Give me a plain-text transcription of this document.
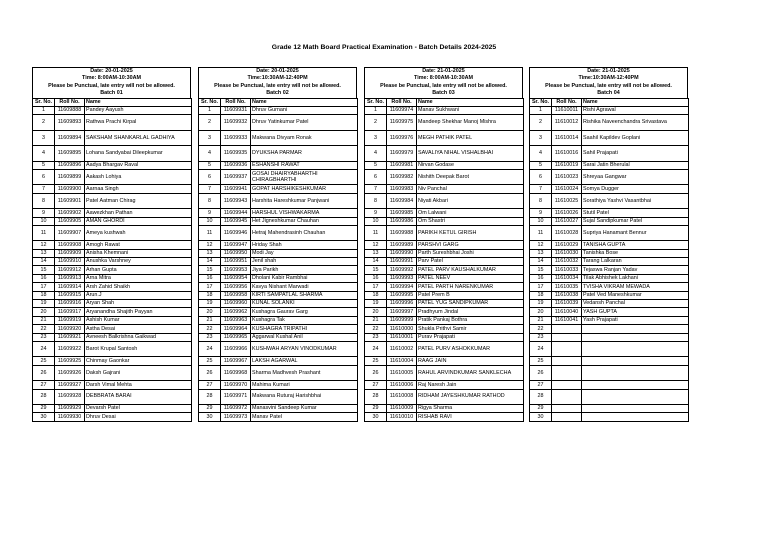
Grade 12 Math Board Practical Examination - Batch Details 2024-2025
Date: 20-01-2025
Time: 8:00AM-10:30AM
Please be Punctual, late entry will not be allowed.
Batch 01
Sr. No.	Roll No.	Name
1	11609888	Pandey Aayush
2	11609893	Rathwa Prachi Kirpal
3	11609894	SAKSHAM SHANKARLAL GADHIYA
4	11609895	Lohana Sandyabai Dileepkumar
5	11609896	Aadya Bhargav Raval
6	11609899	Aakash Lohiya
7	11609900	Aarnaa Singh
8	11609901	Patel Aatman Chirag
9	11609902	Aawezkhan Pathan
10	11609905	AMAN GHORDI
11	11609907	Ameya kushwah
12	11609908	Amogh Rawat
13	11609909	Anisha Khemnani
14	11609910	Anushka Varshney
15	11609912	Arhan Gupta
16	11609913	Arna Mitra
17	11609914	Arsh Zahid Shaikh
18	11609915	Arun.J
19	11609916	Aryan Shah
20	11609917	Aryanandha Shajith Payyan
21	11609919	Ashish Kumar
22	11609920	Astha Desai
23	11609921	Avneesh Balkrishna Gaikwad
24	11609922	Barot Krupal Santosh
25	11609925	Chinmay Gaonkar
26	11609926	Daksh Gajrani
27	11609927	Darsh Vimal Mehta
28	11609928	DEBBRATA BARAI
29	11609929	Devarsh Patel
30	11609930	Dhruv Desai
Date: 20-01-2025
Time:10:30AM-12:40PM
Please be Punctual, late entry will not be allowed.
Batch 02
Sr. No.	Roll No.	Name
1	11609931	Dhruv Gurnani
2	11609932	Dhruv Yatinkumar Patel
3	11609933	Makwana Divyam Ronak
4	11609935	DYUKSHA PARMAR
5	11609936	ESHANSHI RAWAT
6	11609937	GOSAI DHAIRYABHARTHI CHIRAGBHARTHI
7	11609941	GOPAT HARSHIKESHKUMAR
8	11609943	Harshita Hareshkumar Panjwani
9	11609944	HARSHUL VISHWAKARMA
10	11609945	Het Jigneshkumar Chauhan
11	11609946	Hetraj Mahendrasinh Chauhan
12	11609947	Hriday Shah
13	11609950	Modi Jay
14	11609951	Jenil shah
15	11609953	Jiya Parikh
16	11609954	Dholani Kabir Rambhai
17	11609956	Kavya Nishant Marwadi
18	11609958	KIRTI SAMPATLAL SHARMA
19	11609960	KUNAL SOLANKI
20	11609962	Kushagra Gaurav Garg
21	11609963	Kushagra Tak
22	11609964	KUSHAGRA TRIPATHI
23	11609965	Aggarwal Kushal Anil
24	11609966	KUSHWAH ARYAN VINODKUMAR
25	11609967	LAKSH AGARWAL
26	11609968	Sharma Madhvesh Prashant
27	11609970	Mahima Kumari
28	11609971	Makwana Ruturaj Harishbhai
29	11609972	Manasvini Sandeep Kumar
30	11609973	Manav Patel
Date: 21-01-2025
Time: 8:00AM-10:30AM
Please be Punctual, late entry will not be allowed.
Batch 03
Sr. No.	Roll No.	Name
1	11609974	Manav Sukhwani
2	11609975	Mandeep Shekhar Manoj Mishra
3	11609976	MEGH PATHIK PATEL
4	11609979	SAVALIYA NIHAL VISHALBHAI
5	11609981	Nirvan Godase
6	11609982	Nishith Deepak Barot
7	11609983	Niv Panchal
8	11609984	Niyati Akbari
9	11609985	Om Lalwani
10	11609986	Om Shastri
11	11609988	PARIKH KETUL GIRISH
12	11609989	PARSHVI GARG
13	11609990	Parth Sureshbhai Joshi
14	11609991	Parv Patel
15	11609992	PATEL PARV KAUSHALKUMAR
16	11609993	PATEL NEEV
17	11609994	PATEL PARTH NARENKUMAR
18	11609995	Patel Prem B
19	11609996	PATEL YUG SANDIPKUMAR
20	11609997	Pradhyum Jindal
21	11609999	Pratik Pankaj Bothra
22	11610000	Shukla Prithvi Samir
23	11610001	Purav Prajapati
24	11610002	PATEL PURV ASHOKKUMAR
25	11610004	RAAG JAIN
26	11610005	RAHUL ARVINDKUMAR SANKLECHA
27	11610006	Raj Naresh Jain
28	11610008	RIDHAM JAYESHKUMAR RATHOD
29	11610009	Rigya Sharma
30	11610010	RISHAB RAVI
Date: 21-01-2025
Time:10:30AM-12:40PM
Please be Punctual, late entry will not be allowed.
Batch 04
Sr. No.	Roll No.	Name
1	11610011	Rishi Agrawal
2	11610012	Rishika Naveenchandra Srivastava
3	11610014	Saahil Kapildev Goplani
4	11610016	Sahil Prajapati
5	11610019	Sarai Jatin Bherulal
6	11610023	Shreyaa Gangwar
7	11610024	Somya Dugger
8	11610025	Sorathiya Yashvi Vasantbhai
9	11610026	Stutil Patel
10	11610027	Sujal Sandipkumar Patel
11	11610028	Supriya Hanamant Bennur
12	11610029	TANISHA GUPTA
13	11610030	Tanishka Bose
14	11610032	Tarang Lalkaran
15	11610033	Tejaswa Ranjan Yadav
16	11610034	Tilak Abhishek Lakhani
17	11610035	TVISHA VIKRAM MEWADA
18	11610038	Patel Ved Maneshkumar
19	11610039	Vedansh Panchal
20	11610040	YASH GUPTA
21	11610041	Yash Prajapati
22		
23		
24		
25		
26		
27		
28		
29		
30		
